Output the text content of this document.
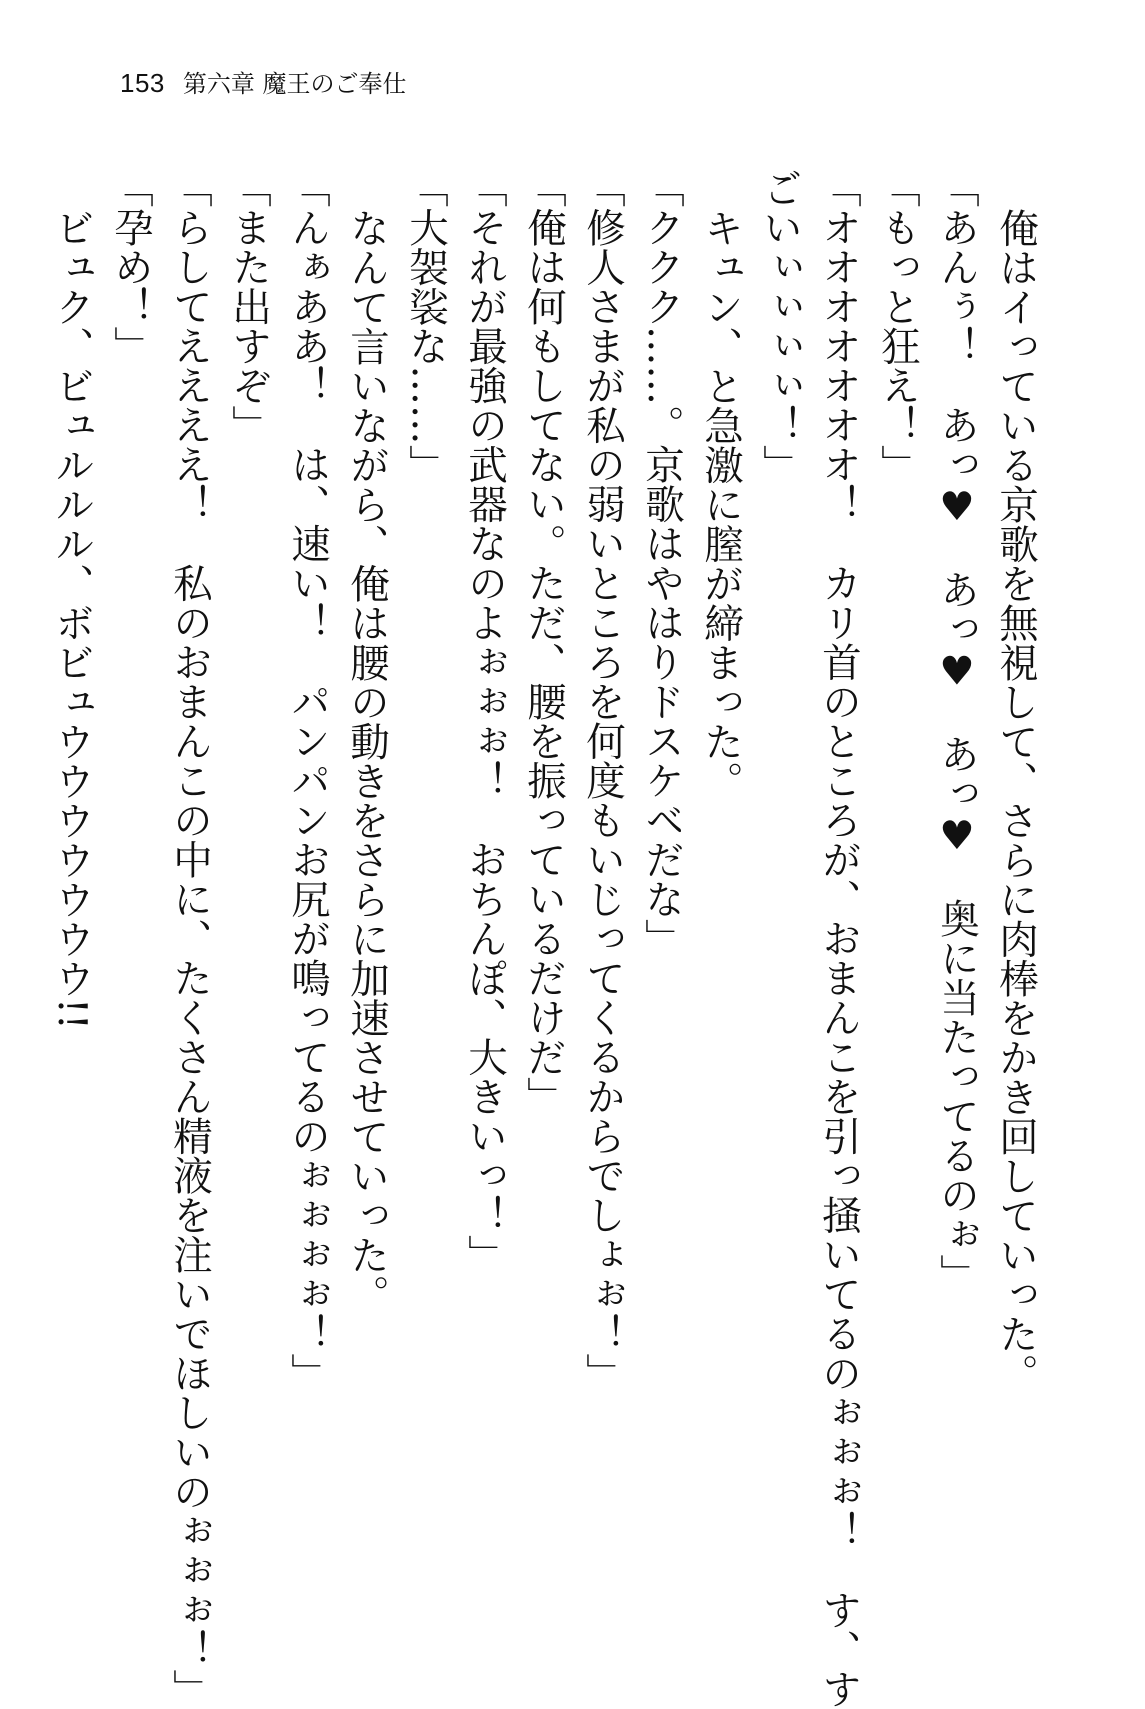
153 第六章 魔王のご奉仕
俺はイっている京歌を無視して、さらに肉棒をかき回していった。
「あんぅ！　あっ♥　あっ♥　あっ♥　奥に当たってるのぉ」
「もっと狂え！」
「オオオオオオオ！　カリ首のところが、おまんこを引っ掻いてるのぉぉぉ！　す、す
ごいぃぃぃぃ！」
キュン、と急激に膣が締まった。
「ククク……。京歌はやはりドスケベだな」
「修人さまが私の弱いところを何度もいじってくるからでしょぉ！」
「俺は何もしてない。ただ、腰を振っているだけだ」
「それが最強の武器なのよぉぉぉ！　おちんぽ、大きいっ！」
「大袈裟な……」
なんて言いながら、俺は腰の動きをさらに加速させていった。
「んぁああ！　は、速い！　パンパンお尻が鳴ってるのぉぉぉぉ！」
「また出すぞ」
「らしてええええ！　私のおまんこの中に、たくさん精液を注いでほしいのぉぉぉ！」
「孕め！」
ビュク、ビュルルル、ボビュウウウウウウウ!!
